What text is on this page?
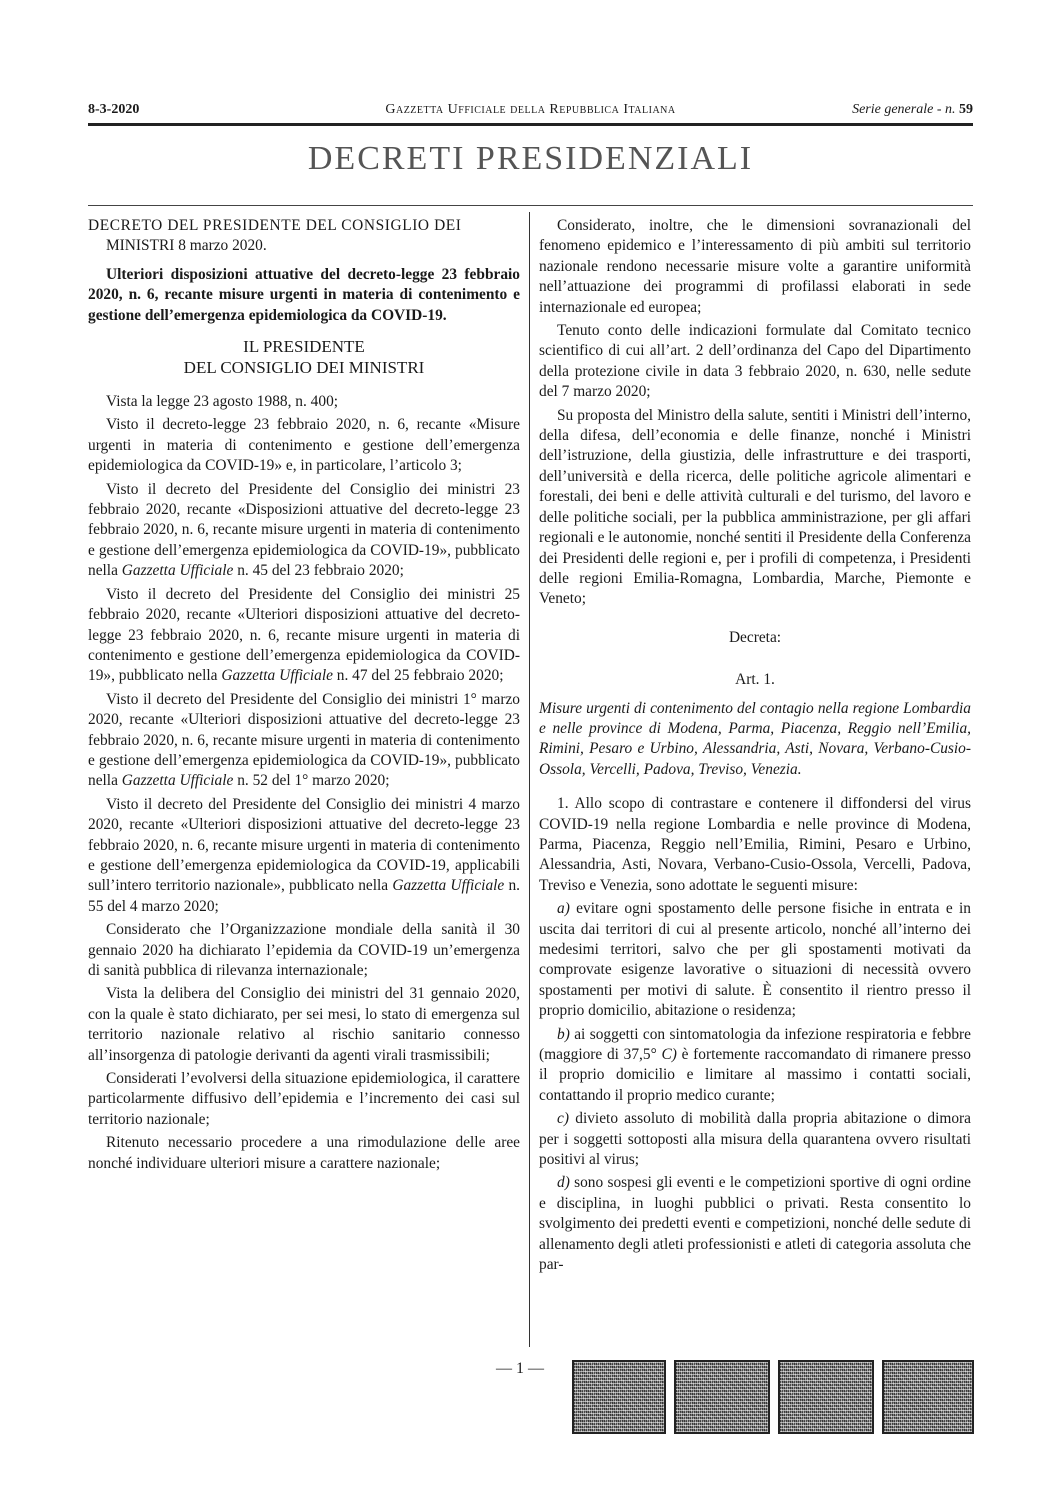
8-3-2020	Gazzetta Ufficiale della Repubblica Italiana	Serie generale - n. 59
DECRETI PRESIDENZIALI

DECRETO DEL PRESIDENTE DEL CONSIGLIO DEI
MINISTRI 8 marzo 2020.

Ulteriori disposizioni attuative del decreto-legge 23 febbraio 2020, n. 6, recante misure urgenti in materia di contenimento e gestione dell’emergenza epidemiologica da COVID-19.

IL PRESIDENTE
DEL CONSIGLIO DEI MINISTRI

Vista la legge 23 agosto 1988, n. 400;

Visto il decreto-legge 23 febbraio 2020, n. 6, recante «Misure urgenti in materia di contenimento e gestione dell’emergenza epidemiologica da COVID-19» e, in particolare, l’articolo 3;

Visto il decreto del Presidente del Consiglio dei ministri 23 febbraio 2020, recante «Disposizioni attuative del decreto-legge 23 febbraio 2020, n. 6, recante misure urgenti in materia di contenimento e gestione dell’emergenza epidemiologica da COVID-19», pubblicato nella Gazzetta Ufficiale n. 45 del 23 febbraio 2020;

Visto il decreto del Presidente del Consiglio dei ministri 25 febbraio 2020, recante «Ulteriori disposizioni attuative del decreto-legge 23 febbraio 2020, n. 6, recante misure urgenti in materia di contenimento e gestione dell’emergenza epidemiologica da COVID-19», pubblicato nella Gazzetta Ufficiale n. 47 del 25 febbraio 2020;

Visto il decreto del Presidente del Consiglio dei ministri 1° marzo 2020, recante «Ulteriori disposizioni attuative del decreto-legge 23 febbraio 2020, n. 6, recante misure urgenti in materia di contenimento e gestione dell’emergenza epidemiologica da COVID-19», pubblicato nella Gazzetta Ufficiale n. 52 del 1° marzo 2020;

Visto il decreto del Presidente del Consiglio dei ministri 4 marzo 2020, recante «Ulteriori disposizioni attuative del decreto-legge 23 febbraio 2020, n. 6, recante misure urgenti in materia di contenimento e gestione dell’emergenza epidemiologica da COVID-19, applicabili sull’intero territorio nazionale», pubblicato nella Gazzetta Ufficiale n. 55 del 4 marzo 2020;

Considerato che l’Organizzazione mondiale della sanità il 30 gennaio 2020 ha dichiarato l’epidemia da COVID-19 un’emergenza di sanità pubblica di rilevanza internazionale;

Vista la delibera del Consiglio dei ministri del 31 gennaio 2020, con la quale è stato dichiarato, per sei mesi, lo stato di emergenza sul territorio nazionale relativo al rischio sanitario connesso all’insorgenza di patologie derivanti da agenti virali trasmissibili;

Considerati l’evolversi della situazione epidemiologica, il carattere particolarmente diffusivo dell’epidemia e l’incremento dei casi sul territorio nazionale;

Ritenuto necessario procedere a una rimodulazione delle aree nonché individuare ulteriori misure a carattere nazionale;

Considerato, inoltre, che le dimensioni sovranazionali del fenomeno epidemico e l’interessamento di più ambiti sul territorio nazionale rendono necessarie misure volte a garantire uniformità nell’attuazione dei programmi di profilassi elaborati in sede internazionale ed europea;

Tenuto conto delle indicazioni formulate dal Comitato tecnico scientifico di cui all’art. 2 dell’ordinanza del Capo del Dipartimento della protezione civile in data 3 febbraio 2020, n. 630, nelle sedute del 7 marzo 2020;

Su proposta del Ministro della salute, sentiti i Ministri dell’interno, della difesa, dell’economia e delle finanze, nonché i Ministri dell’istruzione, della giustizia, delle infrastrutture e dei trasporti, dell’università e della ricerca, delle politiche agricole alimentari e forestali, dei beni e delle attività culturali e del turismo, del lavoro e delle politiche sociali, per la pubblica amministrazione, per gli affari regionali e le autonomie, nonché sentiti il Presidente della Conferenza dei Presidenti delle regioni e, per i profili di competenza, i Presidenti delle regioni Emilia-Romagna, Lombardia, Marche, Piemonte e Veneto;

Decreta:

Art. 1.

Misure urgenti di contenimento del contagio nella regione Lombardia e nelle province di Modena, Parma, Piacenza, Reggio nell’Emilia, Rimini, Pesaro e Urbino, Alessandria, Asti, Novara, Verbano-Cusio-Ossola, Vercelli, Padova, Treviso, Venezia.

1. Allo scopo di contrastare e contenere il diffondersi del virus COVID-19 nella regione Lombardia e nelle province di Modena, Parma, Piacenza, Reggio nell’Emilia, Rimini, Pesaro e Urbino, Alessandria, Asti, Novara, Verbano-Cusio-Ossola, Vercelli, Padova, Treviso e Venezia, sono adottate le seguenti misure:

a) evitare ogni spostamento delle persone fisiche in entrata e in uscita dai territori di cui al presente articolo, nonché all’interno dei medesimi territori, salvo che per gli spostamenti motivati da comprovate esigenze lavorative o situazioni di necessità ovvero spostamenti per motivi di salute. È consentito il rientro presso il proprio domicilio, abitazione o residenza;

b) ai soggetti con sintomatologia da infezione respiratoria e febbre (maggiore di 37,5° C) è fortemente raccomandato di rimanere presso il proprio domicilio e limitare al massimo i contatti sociali, contattando il proprio medico curante;

c) divieto assoluto di mobilità dalla propria abitazione o dimora per i soggetti sottoposti alla misura della quarantena ovvero risultati positivi al virus;

d) sono sospesi gli eventi e le competizioni sportive di ogni ordine e disciplina, in luoghi pubblici o privati. Resta consentito lo svolgimento dei predetti eventi e competizioni, nonché delle sedute di allenamento degli atleti professionisti e atleti di categoria assoluta che par-

— 1 —
